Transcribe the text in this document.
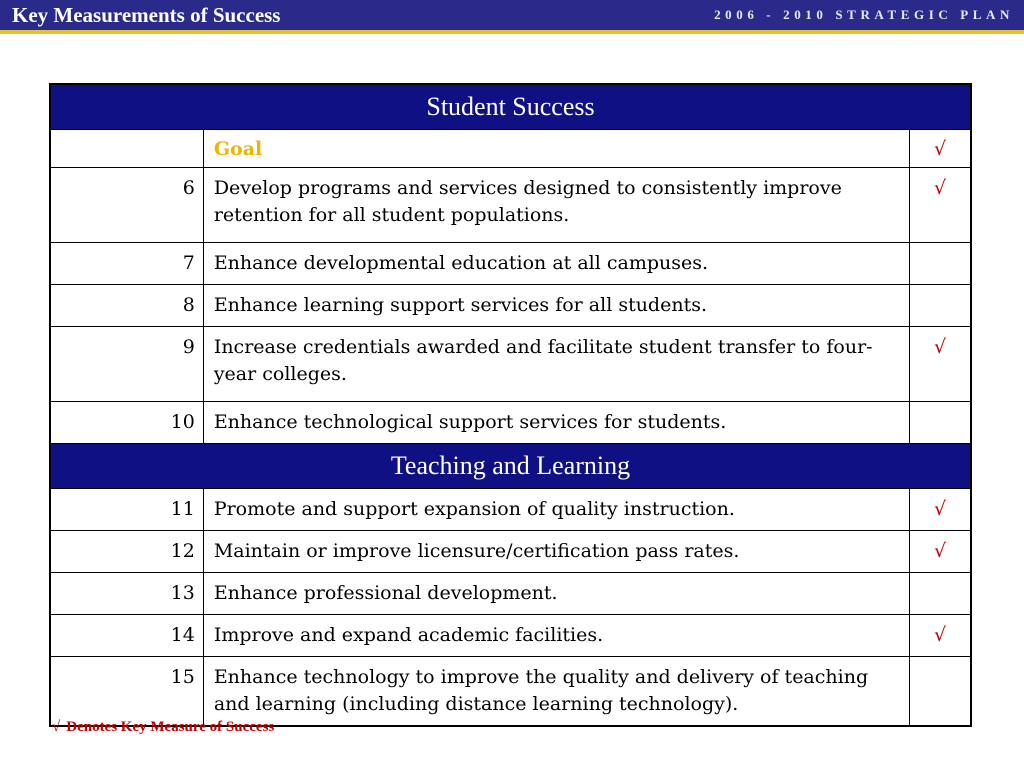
Key Measurements of Success	2006 - 2010 STRATEGIC PLAN
Student Success		
	Goal	√
6	Develop programs and services designed to consistently improve retention for all student populations.	√
7	Enhance developmental education at all campuses.	
8	Enhance learning support services for all students.	
9	Increase credentials awarded and facilitate student transfer to four-year colleges.	√
10	Enhance technological support services for students.	
Teaching and Learning		
11	Promote and support expansion of quality instruction.	√
12	Maintain or improve licensure/certification pass rates.	√
13	Enhance professional development.	
14	Improve and expand academic facilities.	√
15	Enhance technology to improve the quality and delivery of teaching and learning (including distance learning technology).	
√ Denotes Key Measure of Success
